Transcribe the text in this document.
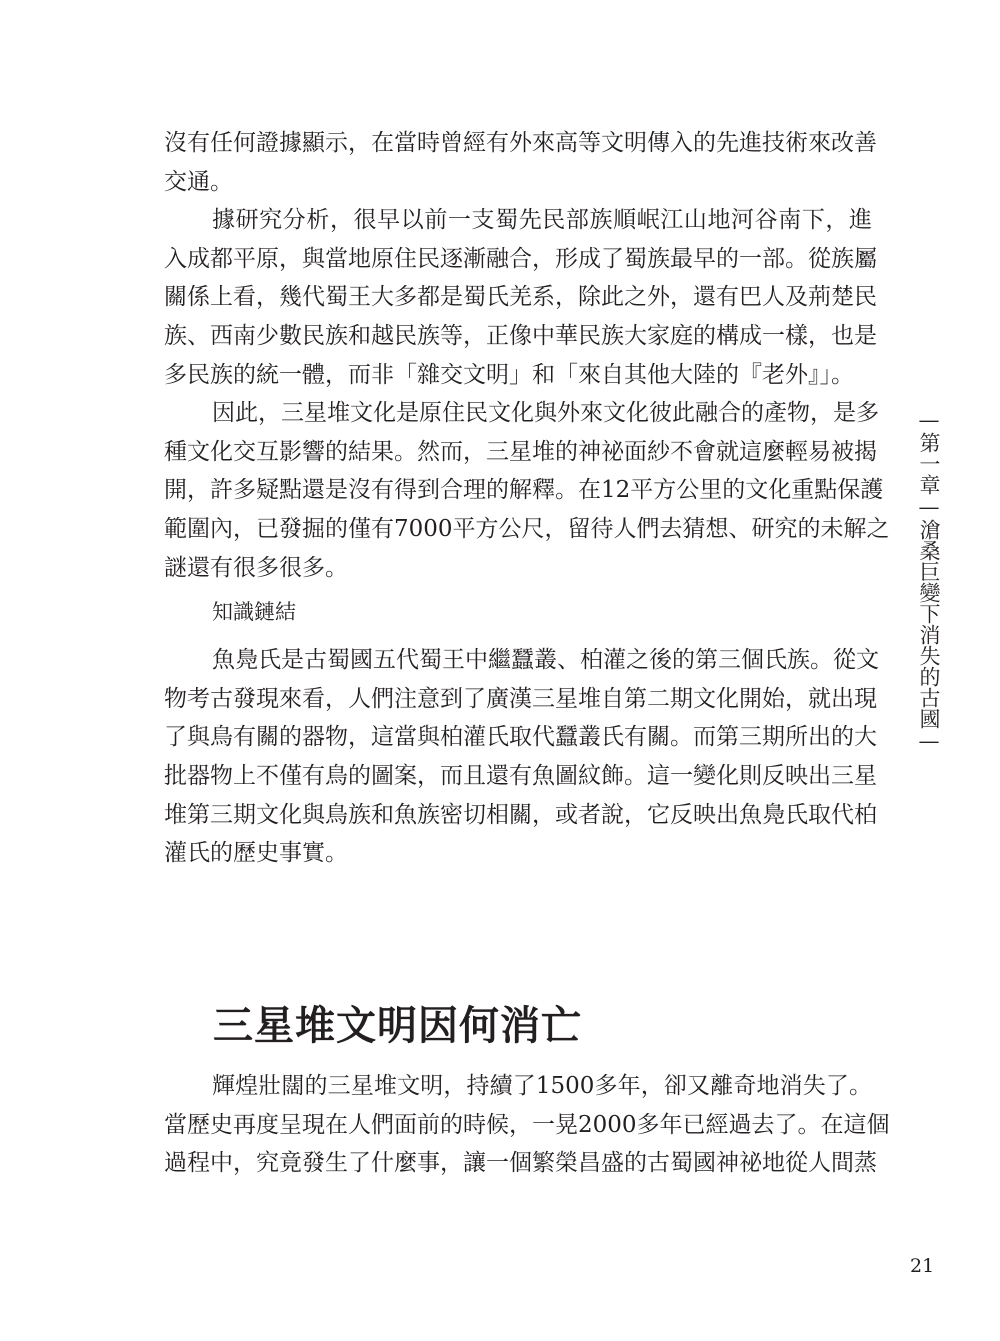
沒有任何證據顯示，在當時曾經有外來高等文明傳入的先進技術來改善
交通。
據研究分析，很早以前一支蜀先民部族順岷江山地河谷南下，進
入成都平原，與當地原住民逐漸融合，形成了蜀族最早的一部。從族屬
關係上看，幾代蜀王大多都是蜀氏羌系，除此之外，還有巴人及荊楚民
族、西南少數民族和越民族等，正像中華民族大家庭的構成一樣，也是
多民族的統一體，而非「雜交文明」和「來自其他大陸的『老外』」。
因此，三星堆文化是原住民文化與外來文化彼此融合的產物，是多
種文化交互影響的結果。然而，三星堆的神祕面紗不會就這麼輕易被揭
開，許多疑點還是沒有得到合理的解釋。在12平方公里的文化重點保護
範圍內，已發掘的僅有7000平方公尺，留待人們去猜想、研究的未解之
謎還有很多很多。
知識鏈結
魚鳧氏是古蜀國五代蜀王中繼蠶叢、柏灌之後的第三個氏族。從文
物考古發現來看，人們注意到了廣漢三星堆自第二期文化開始，就出現
了與鳥有關的器物，這當與柏灌氏取代蠶叢氏有關。而第三期所出的大
批器物上不僅有鳥的圖案，而且還有魚圖紋飾。這一變化則反映出三星
堆第三期文化與鳥族和魚族密切相關，或者說，它反映出魚鳧氏取代柏
灌氏的歷史事實。
三星堆文明因何消亡
輝煌壯闊的三星堆文明，持續了1500多年，卻又離奇地消失了。
當歷史再度呈現在人們面前的時候，一晃2000多年已經過去了。在這個
過程中，究竟發生了什麼事，讓一個繁榮昌盛的古蜀國神祕地從人間蒸
—第一章—滄桑巨變下消失的古國—
21
